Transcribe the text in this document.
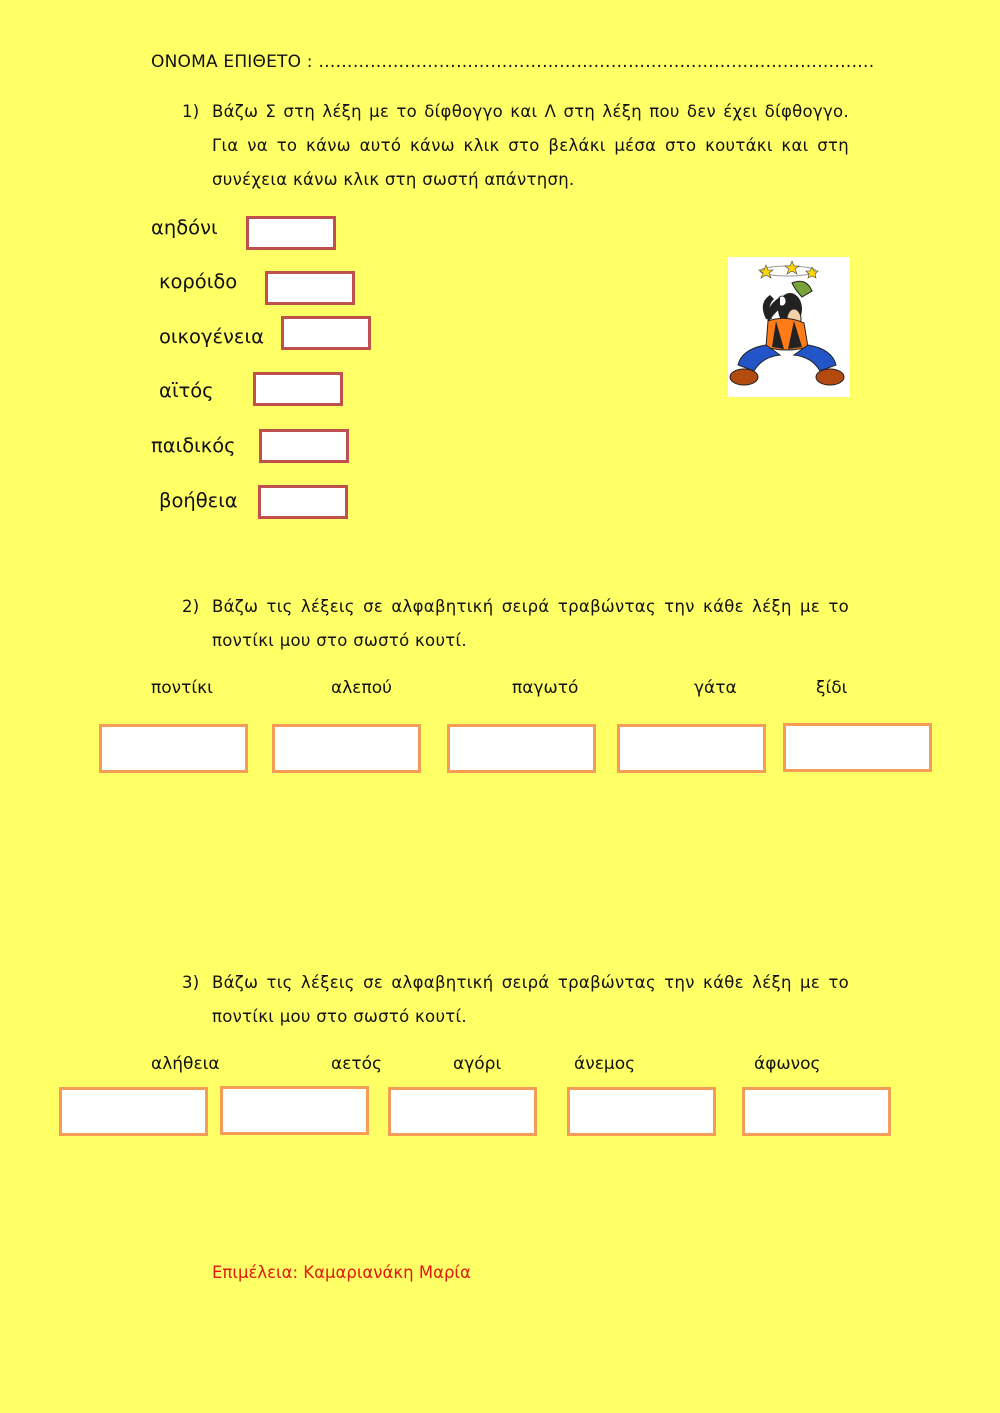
ΟΝΟΜΑ ΕΠΙΘΕΤΟ : …………………………………………………………………………………….
1) Βάζω Σ στη λέξη με το δίφθογγο και Λ στη λέξη που δεν έχει δίφθογγο. Για να το κάνω αυτό κάνω κλικ στο βελάκι μέσα στο κουτάκι και στη συνέχεια κάνω κλικ στη σωστή απάντηση.
αηδόνι
κορόιδο
οικογένεια
αϊτός
παιδικός
βοήθεια
2) Βάζω τις λέξεις σε αλφαβητική σειρά τραβώντας την κάθε λέξη με το ποντίκι μου στο σωστό κουτί.
ποντίκι	αλεπού	παγωτό	γάτα	ξίδι
3) Βάζω τις λέξεις σε αλφαβητική σειρά τραβώντας την κάθε λέξη με το ποντίκι μου στο σωστό κουτί.
αλήθεια	αετός	αγόρι	άνεμος	άφωνος
Επιμέλεια: Καμαριανάκη Μαρία
